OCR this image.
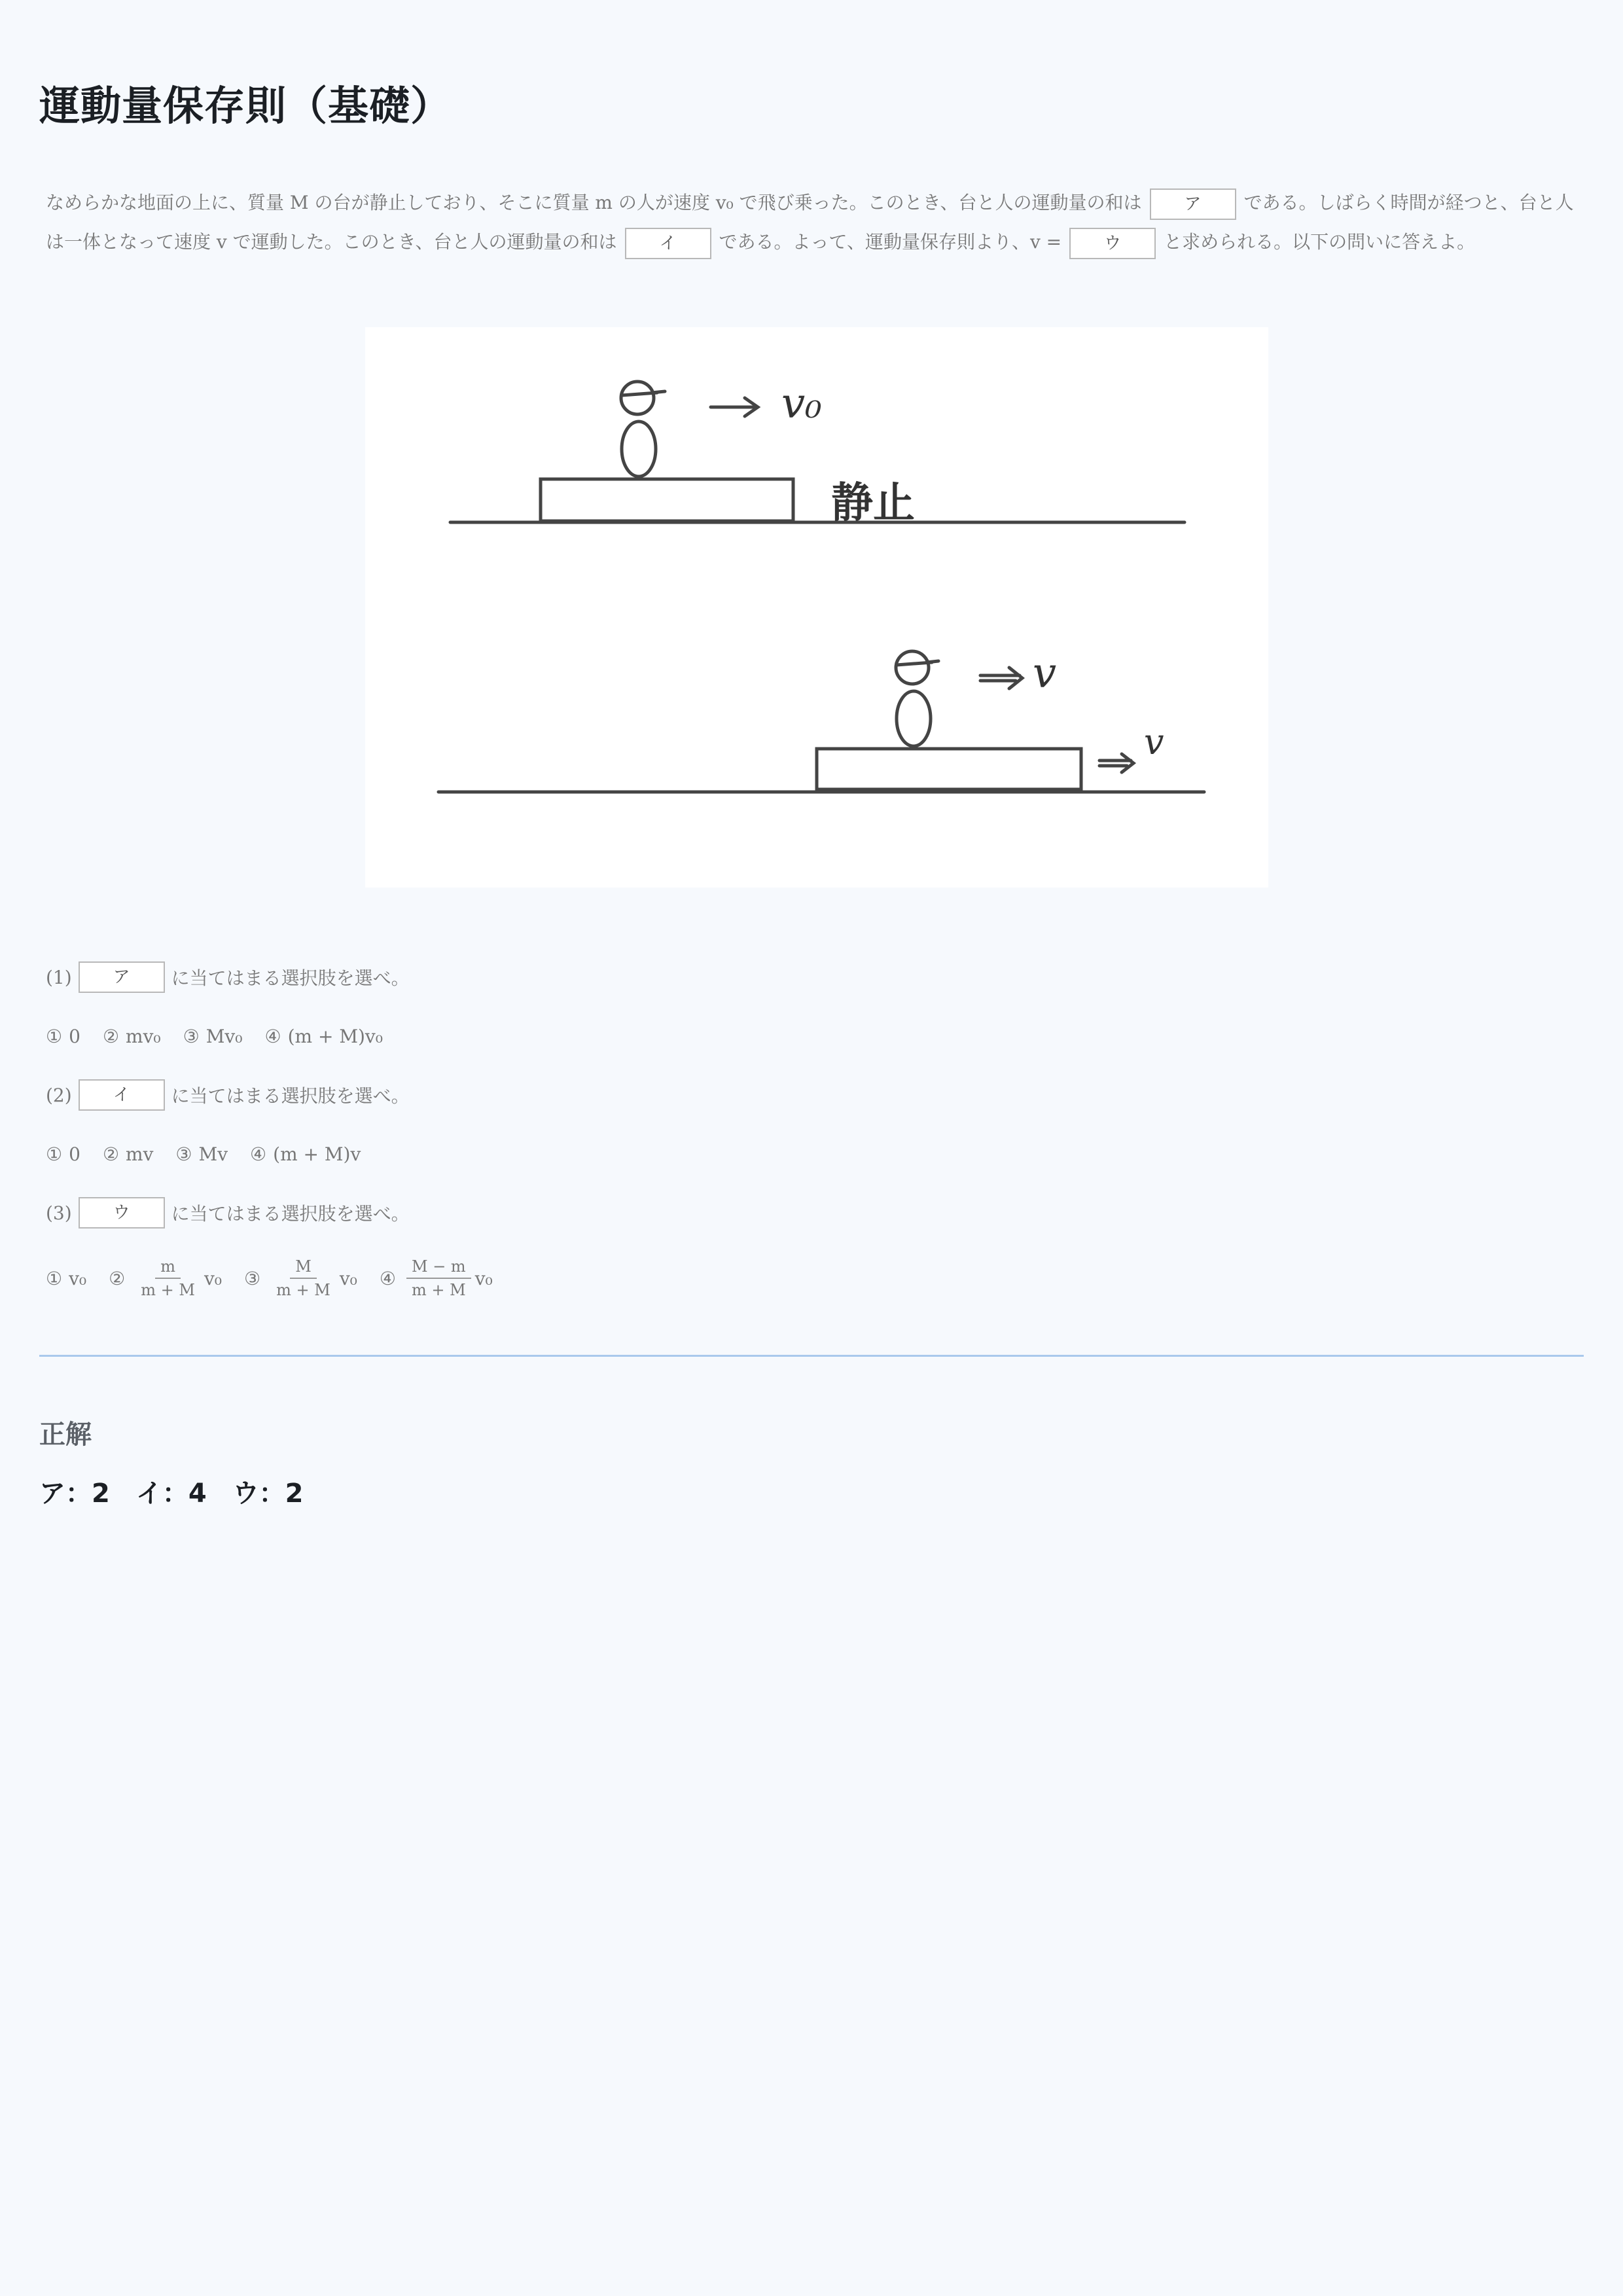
運動量保存則（基礎）
なめらかな地面の上に、質量 M の台が静止しており、そこに質量 m の人が速度 v₀ で飛び乗った。このとき、台と人の運動量の和は ア である。しばらく時間が経つと、台と人は一体となって速度 v で運動した。このとき、台と人の運動量の和は イ である。よって、運動量保存則より、v = ウ と求められる。以下の問いに答えよ。
v₀
v
v
静止
(1)	ア	に当てはまる選択肢を選べ。
① 0 ② mv₀ ③ Mv₀ ④ (m + M)v₀
(2)	イ	に当てはまる選択肢を選べ。
① 0 ② mv ③ Mv ④ (m + M)v
(3)	ウ	に当てはまる選択肢を選べ。
① v₀ ② $\frac{m}{m + M} v_0$ ③ $\frac{M}{m + M} v_0$ ④ $\frac{M - m}{m + M} v_0$
正解
ア：2　イ：4　ウ：2
